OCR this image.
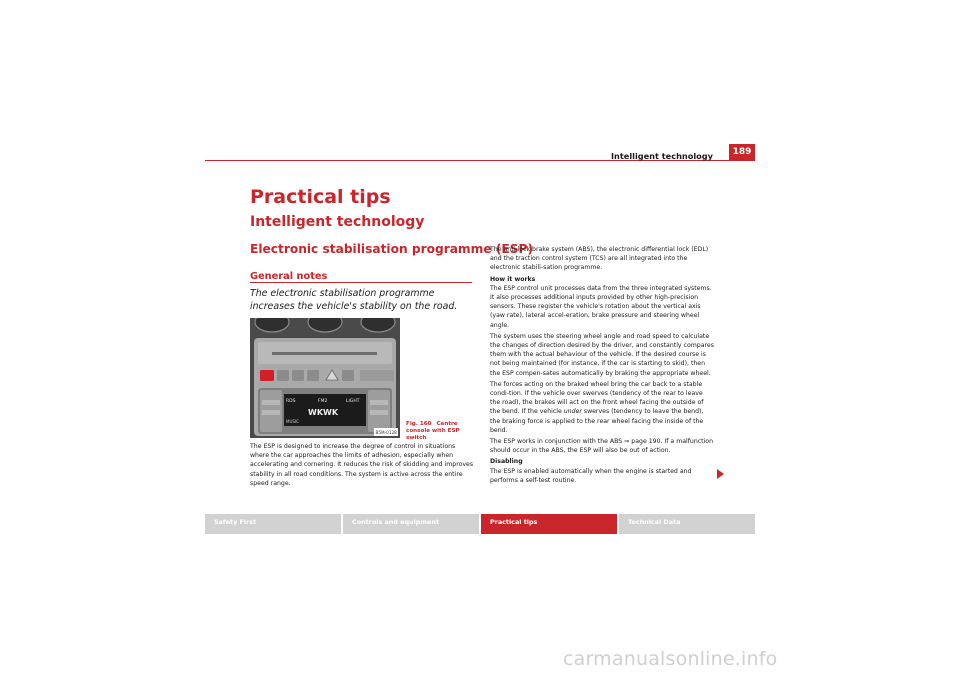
Intelligent technology	189
Practical tips
Intelligent technology
Electronic stabilisation programme (ESP)
General notes
The electronic stabilisation programme increases the vehicle's stability on the road.
RDS	FM2	LIGHT
WKWK
MUSIC
B5M-0128
Fig. 160 Centre console with ESP switch

The ESP is designed to increase the degree of control in situations where the car approaches the limits of adhesion, especially when accelerating and cornering. It reduces the risk of skidding and improves stability in all road conditions. The system is active across the entire speed range.

The anti-lock brake system (ABS), the electronic differential lock (EDL) and the traction control system (TCS) are all integrated into the electronic stabili-sation programme.

How it works

The ESP control unit processes data from the three integrated systems. It also processes additional inputs provided by other high-precision sensors. These register the vehicle's rotation about the vertical axis (yaw rate), lateral accel-eration, brake pressure and steering wheel angle.

The system uses the steering wheel angle and road speed to calculate the changes of direction desired by the driver, and constantly compares them with the actual behaviour of the vehicle. If the desired course is not being maintained (for instance, if the car is starting to skid), then the ESP compen-sates automatically by braking the appropriate wheel.

The forces acting on the braked wheel bring the car back to a stable condi-tion. If the vehicle over swerves (tendency of the rear to leave the road), the brakes will act on the front wheel facing the outside of the bend. If the vehicle under swerves (tendency to leave the bend), the braking force is applied to the rear wheel facing the inside of the bend.

The ESP works in conjunction with the ABS ⇒ page 190. If a malfunction should occur in the ABS, the ESP will also be out of action.

Disabling

The ESP is enabled automatically when the engine is started and performs a self-test routine.

Safety First	Controls and equipment	Practical tips	Technical Data
carmanualsonline.info
